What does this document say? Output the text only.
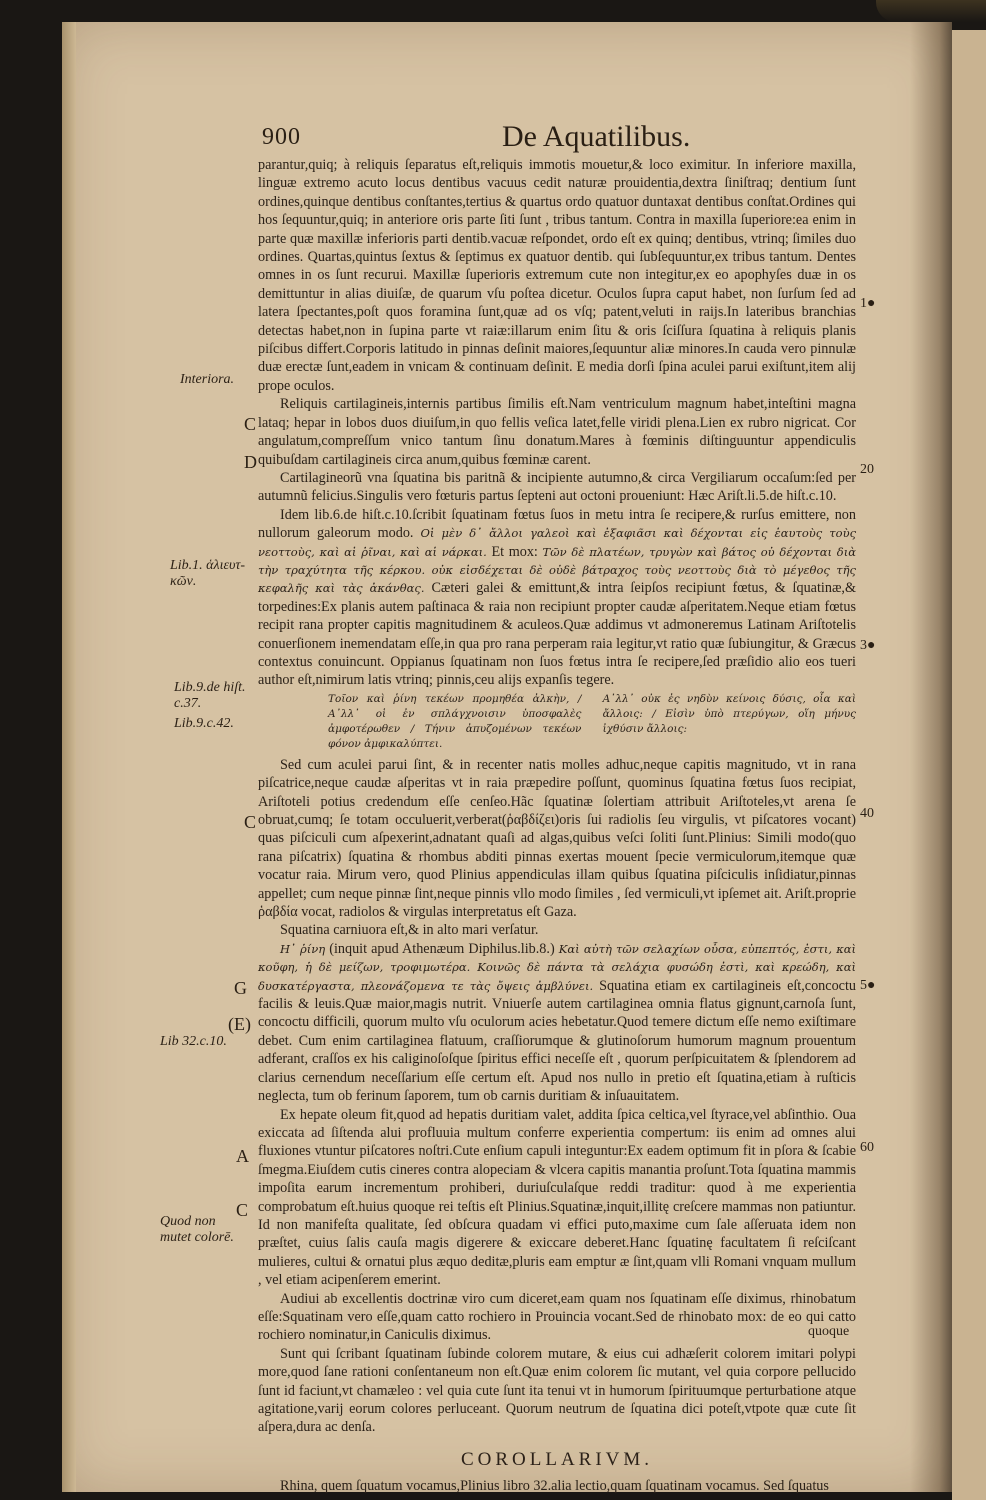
900	De Aquatilibus.

parantur,quiq; à reliquis ſeparatus eſt,reliquis immotis mouetur,& loco eximitur. In inferiore maxilla, linguæ extremo acuto locus dentibus vacuus cedit naturæ prouidentia,dextra ſiniſtraq; dentium ſunt ordines,quinque dentibus conſtantes,tertius & quartus ordo quatuor duntaxat dentibus conſtat.Ordines qui hos ſequuntur,quiq; in anteriore oris parte ſiti ſunt , tribus tantum. Contra in maxilla ſuperiore:ea enim in parte quæ maxillæ inferioris parti dentib.vacuæ reſpondet, ordo eſt ex quinq; dentibus, vtrinq; ſimiles duo ordines. Quartas,quintus ſextus & ſeptimus ex quatuor dentib. qui ſubſequuntur,ex tribus tantum. Dentes omnes in os ſunt recurui. Maxillæ ſuperioris extremum cute non integitur,ex eo apophyſes duæ in os demittuntur in alias diuiſæ, de quarum vſu poſtea dicetur. Oculos ſupra caput habet, non ſurſum ſed ad latera ſpectantes,poſt quos foramina ſunt,quæ ad os vſq; patent,veluti in raijs.In lateribus branchias detectas habet,non in ſupina parte vt raiæ:illarum enim ſitu & oris ſciſſura ſquatina à reliquis planis piſcibus differt.Corporis latitudo in pinnas deſinit maiores,ſequuntur aliæ minores.In cauda vero pinnulæ duæ erectæ ſunt,eadem in vnicam & continuam deſinit. E media dorſi ſpina aculei parui exiſtunt,item alij prope oculos.

Reliquis cartilagineis,internis partibus ſimilis eſt.Nam ventriculum magnum habet,inteſtini magna lataq; hepar in lobos duos diuiſum,in quo fellis veſica latet,felle viridi plena.Lien ex rubro nigricat. Cor angulatum,compreſſum vnico tantum ſinu donatum.Mares à fœminis diſtinguuntur appendiculis quibuſdam cartilagineis circa anum,quibus fœminæ carent.

Cartilagineorũ vna ſquatina bis paritnã & incipiente autumno,& circa Vergiliarum occaſum:ſed per autumnũ felicius.Singulis vero fœturis partus ſepteni aut octoni proueniunt: Hæc Ariſt.li.5.de hiſt.c.10.

Idem lib.6.de hiſt.c.10.ſcribit ſquatinam fœtus ſuos in metu intra ſe recipere,& rurſus emittere, non nullorum galeorum modo. Οἱ μὲν δ᾽ ἄλλοι γαλεοὶ καὶ ἐξαφιᾶσι καὶ δέχονται εἰς ἑαυτοὺς τοὺς νεοττοὺς, καὶ αἱ ῥῖναι, καὶ αἱ νάρκαι. Et mox: Τῶν δὲ πλατέων, τρυγὼν καὶ βάτος οὐ δέχονται διὰ τὴν τραχύτητα τῆς κέρκου. οὐκ εἰσδέχεται δὲ οὐδὲ βάτραχος τοὺς νεοττοὺς διὰ τὸ μέγεθος τῆς κεφαλῆς καὶ τὰς ἀκάνθας. Cæteri galei & emittunt,& intra ſeipſos recipiunt fœtus, & ſquatinæ,& torpedines:Ex planis autem paſtinaca & raia non recipiunt propter caudæ aſperitatem.Neque etiam fœtus recipit rana propter capitis magnitudinem & aculeos.Quæ addimus vt admoneremus Latinam Ariſtotelis conuerſionem inemendatam eſſe,in qua pro rana perperam raia legitur,vt ratio quæ ſubiungitur, & Græcus contextus conuincunt. Oppianus ſquatinam non ſuos fœtus intra ſe recipere,ſed præſidio alio eos tueri author eſt,nimirum latis vtrinq; pinnis,ceu alijs expanſis tegere.

Τοῖον καὶ ῥίνη τεκέων προμηθέα ἀλκὴν, / Α᾽λλ᾽ οἱ ἐν σπλάγχνοισιν ὑποσφαλὲς ἀμφοτέρωθεν / Τήνιν ἀπυζομένων τεκέων φόνον ἀμφικαλύπτει.
Α᾽λλ᾽ οὐκ ἐς νηδὺν κείνοις δύσις, οἷα καὶ ἄλλοις: / Εἰσὶν ὑπὸ πτερύγων, οἵη μήνυς ἰχθύσιν ἄλλοις:

Sed cum aculei parui ſint, & in recenter natis molles adhuc,neque capitis magnitudo, vt in rana piſcatrice,neque caudæ aſperitas vt in raia præpedire poſſunt, quominus ſquatina fœtus ſuos recipiat, Ariſtoteli potius credendum eſſe cenſeo.Hãc ſquatinæ ſolertiam attribuit Ariſtoteles,vt arena ſe obruat,cumq; ſe totam occuluerit,verberat(ῥαβδίζει)oris ſui radiolis ſeu virgulis, vt piſcatores vocant) quas piſciculi cum aſpexerint,adnatant quaſi ad algas,quibus veſci ſoliti ſunt.Plinius: Simili modo(quo rana piſcatrix) ſquatina & rhombus abditi pinnas exertas mouent ſpecie vermiculorum,itemque quæ vocatur raia. Mirum vero, quod Plinius appendiculas illam quibus ſquatina piſciculis inſidiatur,pinnas appellet; cum neque pinnæ ſint,neque pinnis vllo modo ſimiles , ſed vermiculi,vt ipſemet ait. Ariſt.proprie ῥαβδία vocat, radiolos & virgulas interpretatus eſt Gaza.

Squatina carniuora eſt,& in alto mari verſatur.

Η᾽ ῥίνη (inquit apud Athenæum Diphilus.lib.8.) Καὶ αὐτὴ τῶν σελαχίων οὖσα, εὐπεπτός, ἐστι, καὶ κοῦφη, ἡ δὲ μείζων, τροφιμωτέρα. Κοινῶς δὲ πάντα τὰ σελάχια φυσώδη ἐστὶ, καὶ κρεώδη, καὶ δυσκατέργαστα, πλεονάζομενα τε τὰς ὄψεις ἀμβλύνει. Squatina etiam ex cartilagineis eſt,concoctu facilis & leuis.Quæ maior,magis nutrit. Vniuerſe autem cartilaginea omnia flatus gignunt,carnoſa ſunt, concoctu difficili, quorum multo vſu oculorum acies hebetatur.Quod temere dictum eſſe nemo exiſtimare debet. Cum enim cartilaginea flatuum, craſſiorumque & glutinoſorum humorum magnum prouentum adferant, craſſos ex his caliginoſoſque ſpiritus effici neceſſe eſt , quorum perſpicuitatem & ſplendorem ad clarius cernendum neceſſarium eſſe certum eſt. Apud nos nullo in pretio eſt ſquatina,etiam à ruſticis neglecta, tum ob ferinum ſaporem, tum ob carnis duritiam & inſuauitatem.

Ex hepate oleum fit,quod ad hepatis duritiam valet, addita ſpica celtica,vel ſtyrace,vel abſinthio. Oua exiccata ad ſiſtenda alui profluuia multum conferre experientia compertum: iis enim ad omnes alui fluxiones vtuntur piſcatores noſtri.Cute enſium capuli integuntur:Ex eadem optimum fit in pſora & ſcabie ſmegma.Eiuſdem cutis cineres contra alopeciam & vlcera capitis manantia proſunt.Tota ſquatina mammis impoſita earum incrementum prohiberi, duriuſculaſque reddi traditur: quod à me experientia comprobatum eſt.huius quoque rei teſtis eſt Plinius.Squatinæ,inquit,illitę creſcere mammas non patiuntur. Id non manifeſta qualitate, ſed obſcura quadam vi effici puto,maxime cum ſale aſſeruata idem non præſtet, cuius ſalis cauſa magis digerere & exiccare deberet.Hanc ſquatinę facultatem ſi reſciſcant mulieres, cultui & ornatui plus æquo deditæ,pluris eam emptur æ ſint,quam vlli Romani vnquam mullum , vel etiam acipenſerem emerint.

Audiui ab excellentis doctrinæ viro cum diceret,eam quam nos ſquatinam eſſe diximus, rhinobatum eſſe:Squatinam vero eſſe,quam catto rochiero in Prouincia vocant.Sed de rhinobato mox: de eo qui catto rochiero nominatur,in Caniculis diximus.

Sunt qui ſcribant ſquatinam ſubinde colorem mutare, & eius cui adhæſerit colorem imitari polypi more,quod ſane rationi conſentaneum non eſt.Quæ enim colorem ſic mutant, vel quia corpore pellucido ſunt id faciunt,vt chamæleo : vel quia cute ſunt ita tenui vt in humorum ſpirituumque perturbatione atque agitatione,varij eorum colores perluceant. Quorum neutrum de ſquatina dici poteſt,vtpote quæ cute ſit aſpera,dura ac denſa.

COROLLARIVM.

Rhina, quem ſquatum vocamus,Plinius libro 32.alia lectio,quam ſquatinam vocamus. Sed ſquatus

quoque
Interiora.
Lib.1. ἁλιευτ-κῶν.
Lib.9.de hiſt. c.37.
Lib.9.c.42.
Lib 32.c.10.
Quod non mutet colorē.
C
D
C
G
(E)
A
C
1●
20
3●
40
5●
60
